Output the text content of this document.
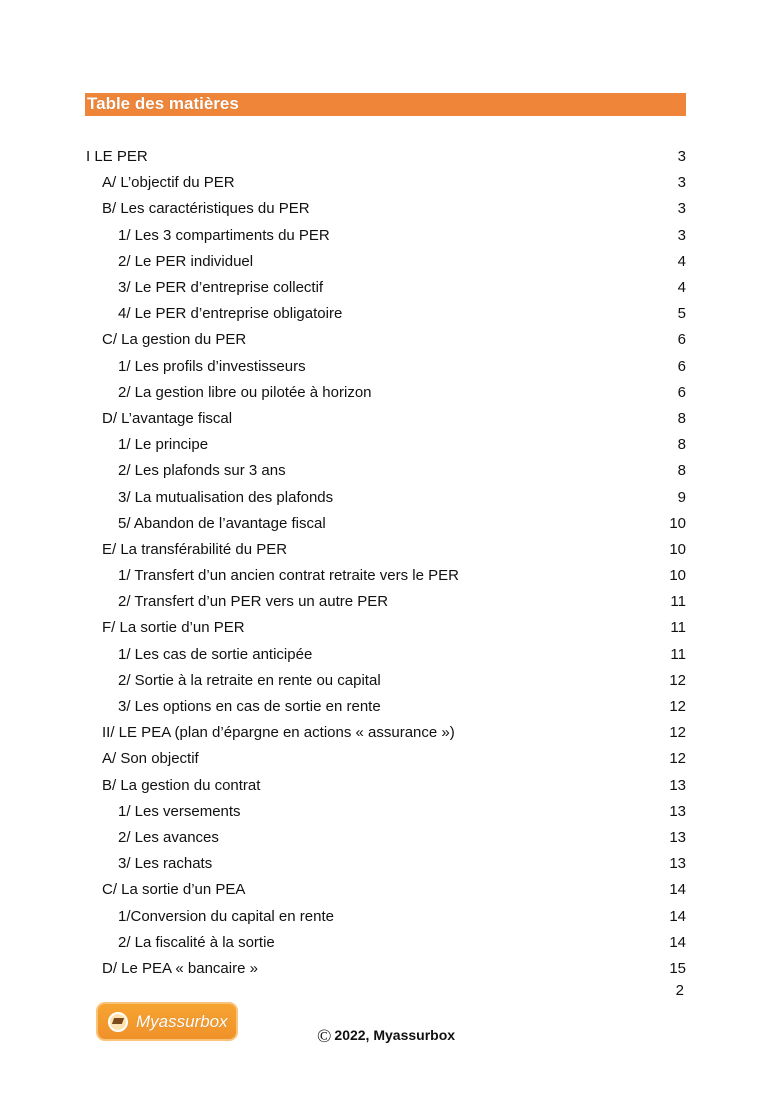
Table des matières
I LE PER	3
A/ L’objectif du PER	3
B/ Les caractéristiques du PER	3
1/ Les 3 compartiments du PER	3
2/ Le PER individuel	4
3/ Le PER d’entreprise collectif	4
4/ Le PER d’entreprise obligatoire	5
C/ La gestion du PER	6
1/ Les profils d’investisseurs	6
2/ La gestion libre ou pilotée à horizon	6
D/ L’avantage fiscal	8
1/ Le principe	8
2/ Les plafonds sur 3 ans	8
3/ La mutualisation des plafonds	9
5/ Abandon de l’avantage fiscal	10
E/ La transférabilité du PER	10
1/ Transfert d’un ancien contrat retraite vers le PER	10
2/ Transfert d’un PER vers un autre PER	11
F/ La sortie d’un PER	11
1/ Les cas de sortie anticipée	11
2/ Sortie à la retraite en rente ou capital	12
3/ Les options en cas de sortie en rente	12
II/ LE PEA (plan d’épargne en actions « assurance »)	12
A/ Son objectif	12
B/ La gestion du contrat	13
1/ Les versements	13
2/ Les avances	13
3/ Les rachats	13
C/ La sortie d’un PEA	14
1/Conversion du capital en rente	14
2/ La fiscalité à la sortie	14
D/ Le PEA « bancaire »	15
2
Myassurbox
© 2022, Myassurbox
